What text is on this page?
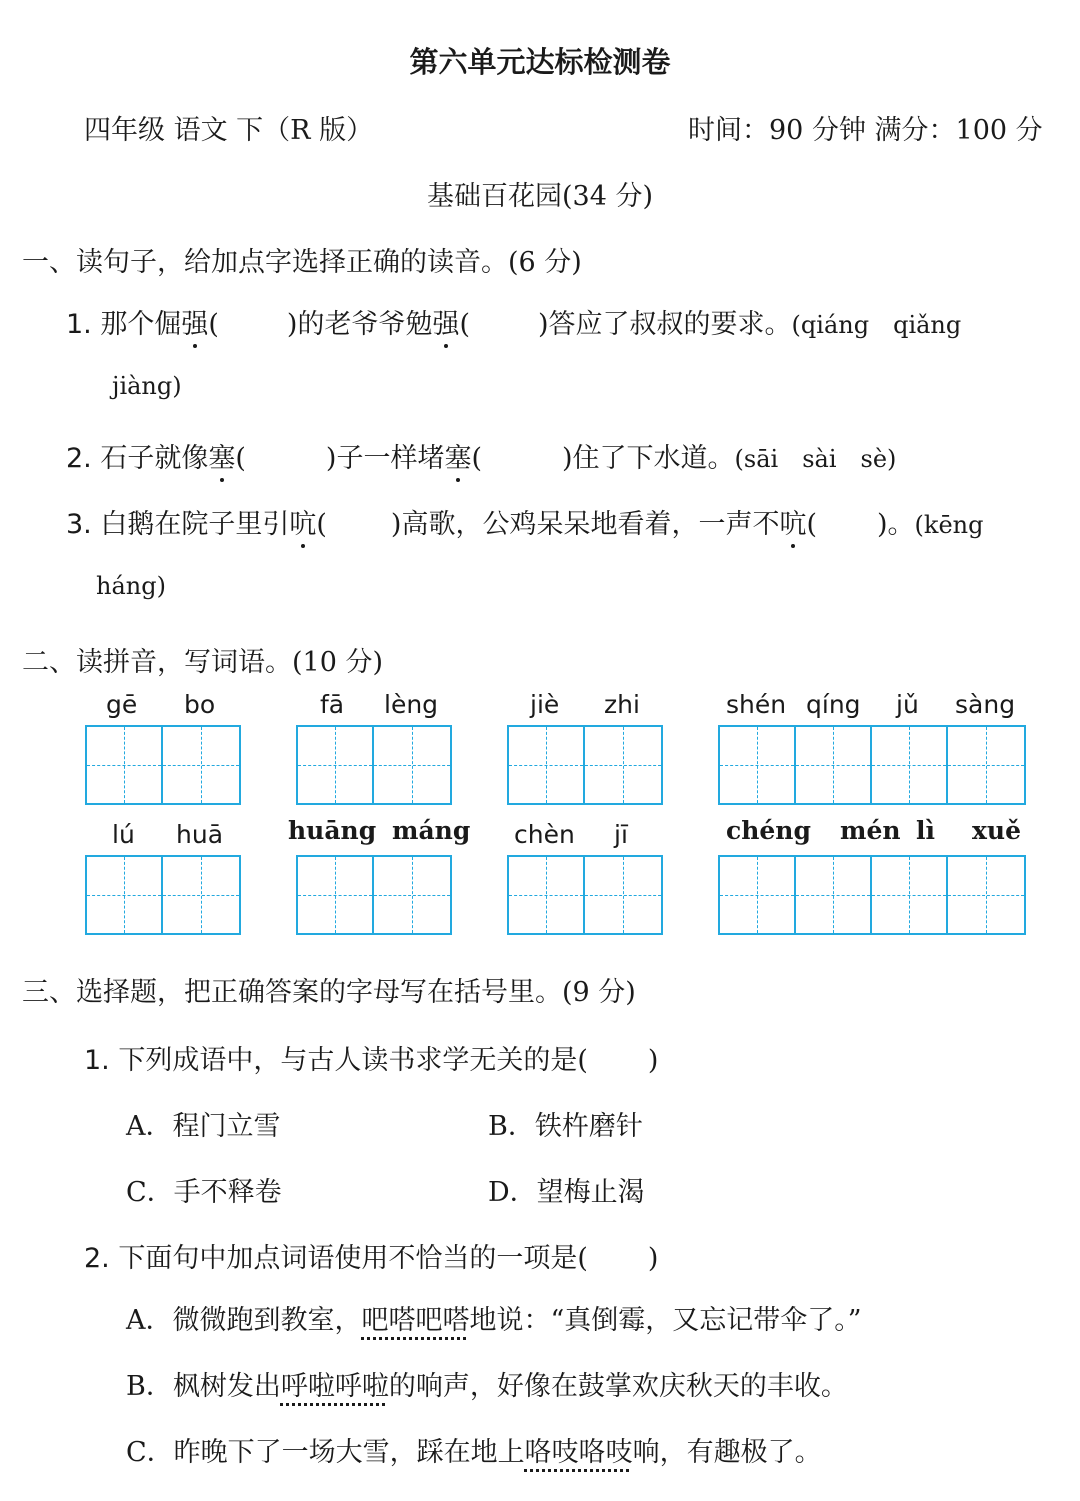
第六单元达标检测卷
四年级 语文 下（R 版）	时间：90 分钟 满分：100 分
基础百花园(34 分)
一、读句子，给加点字选择正确的读音。(6 分)
1. 那个倔强(	)的老爷爷勉强(	)答应了叔叔的要求。(qiáng　qiǎng
jiàng)
2. 石子就像塞(	)子一样堵塞(	)住了下水道。(sāi　sài　sè)
3. 白鹅在院子里引吭( )高歌，公鸡呆呆地看着，一声不吭( )。(kēng
háng)
二、读拼音，写词语。(10 分)
gē bo	fā lèng	jiè zhi	shén qíng jǔ sàng
lú huā	huāng máng chèn jī	chéng mén lì xuě
三、选择题，把正确答案的字母写在括号里。(9 分)
1. 下列成语中，与古人读书求学无关的是( )
A．程门立雪	B．铁杵磨针
C．手不释卷	D．望梅止渴
2. 下面句中加点词语使用不恰当的一项是( )
A．微微跑到教室，吧嗒吧嗒地说：“真倒霉，又忘记带伞了。”
B．枫树发出呼啦呼啦的响声，好像在鼓掌欢庆秋天的丰收。
C．昨晚下了一场大雪，踩在地上咯吱咯吱响，有趣极了。
